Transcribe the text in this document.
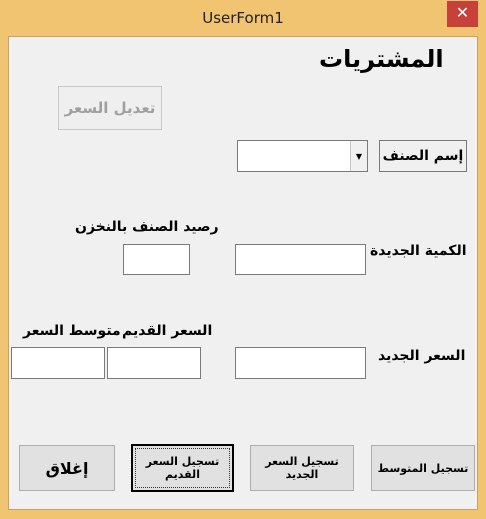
UserForm1	✕
المشتريات
تعديل السعر
▼	إسم الصنف
رصيد الصنف بالنخزن
الكمية الجديدة
متوسط السعر السعر القديم
السعر الجديد
إغلاق	تسجيل السعر القديم
تسجيل السعر الجديد	تسجيل المتوسط
